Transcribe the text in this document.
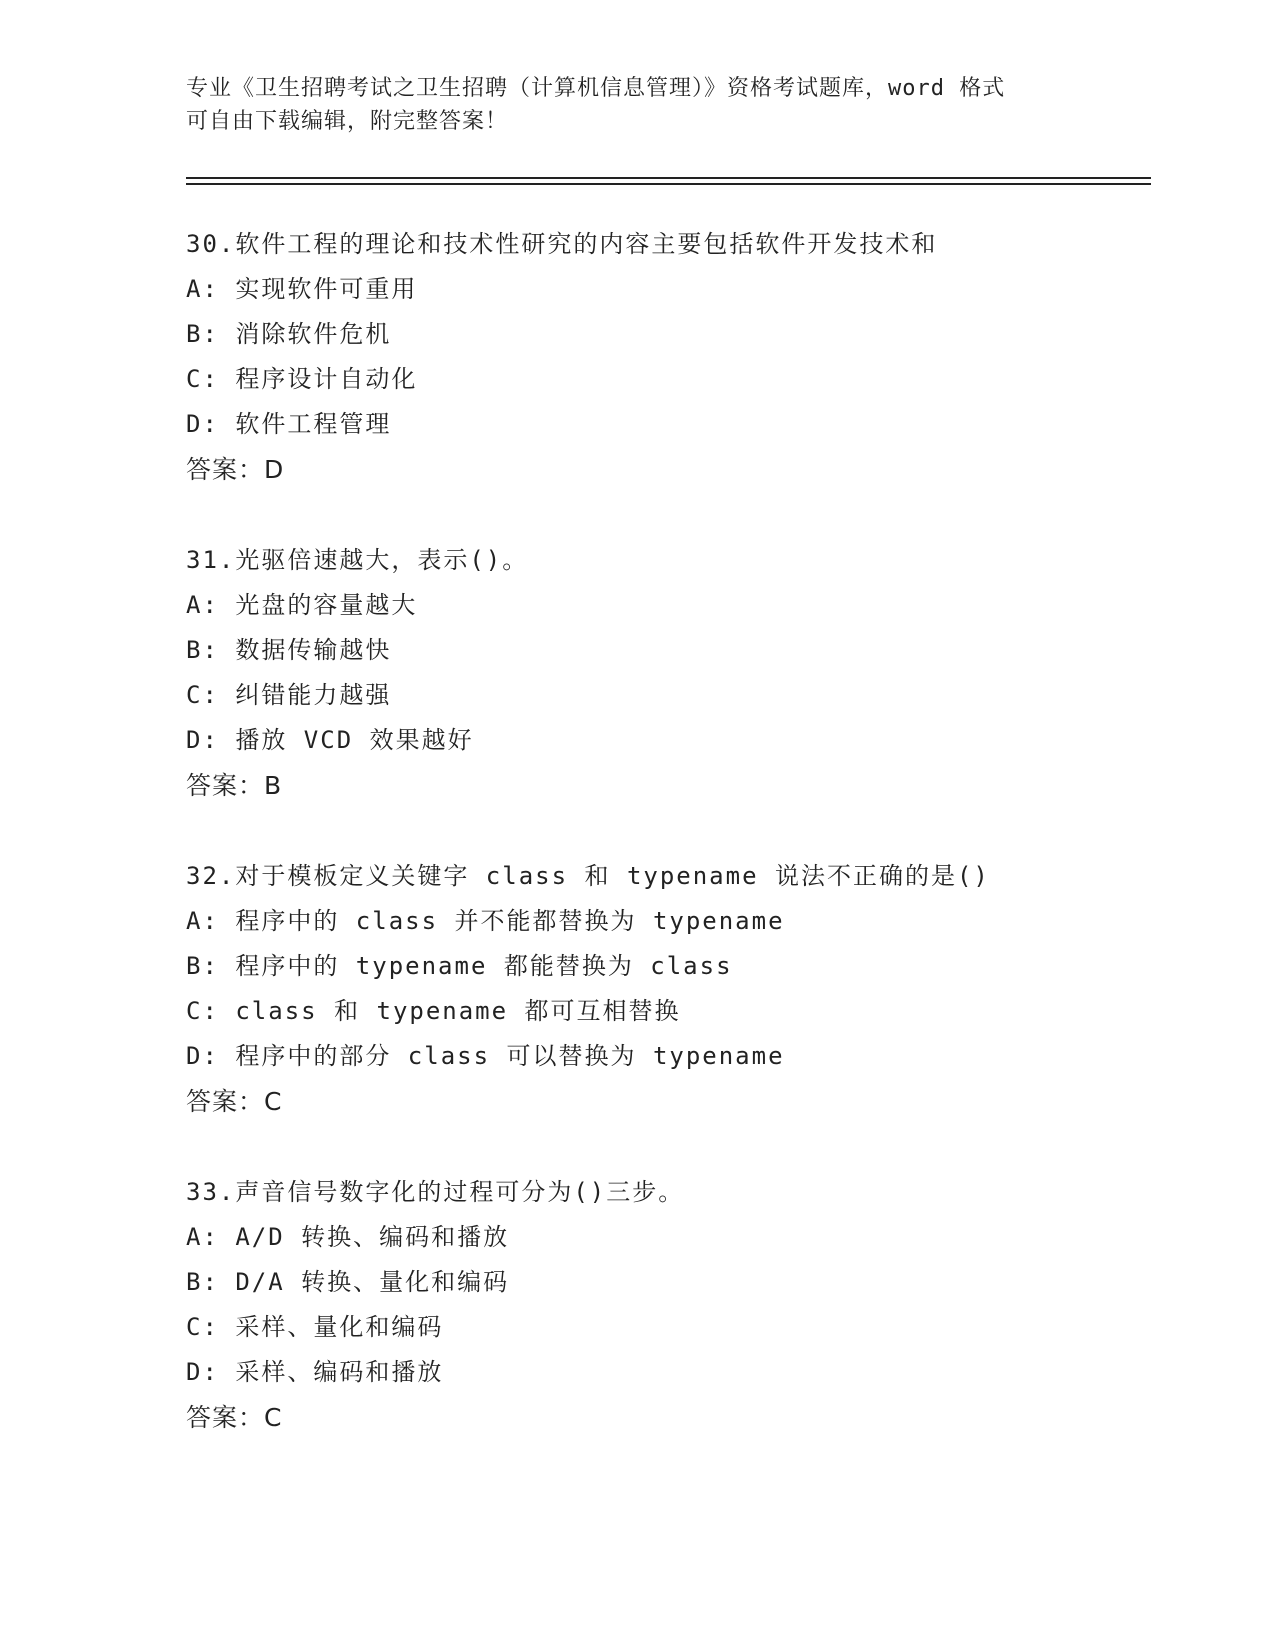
专业《卫生招聘考试之卫生招聘（计算机信息管理）》资格考试题库，word 格式
可自由下载编辑，附完整答案！
30.软件工程的理论和技术性研究的内容主要包括软件开发技术和
A: 实现软件可重用
B: 消除软件危机
C: 程序设计自动化
D: 软件工程管理
答案：D
31.光驱倍速越大，表示()。
A: 光盘的容量越大
B: 数据传输越快
C: 纠错能力越强
D: 播放 VCD 效果越好
答案：B
32.对于模板定义关键字 class 和 typename 说法不正确的是()
A: 程序中的 class 并不能都替换为 typename
B: 程序中的 typename 都能替换为 class
C: class 和 typename 都可互相替换
D: 程序中的部分 class 可以替换为 typename
答案：C
33.声音信号数字化的过程可分为()三步。
A: A/D 转换、编码和播放
B: D/A 转换、量化和编码
C: 采样、量化和编码
D: 采样、编码和播放
答案：C
